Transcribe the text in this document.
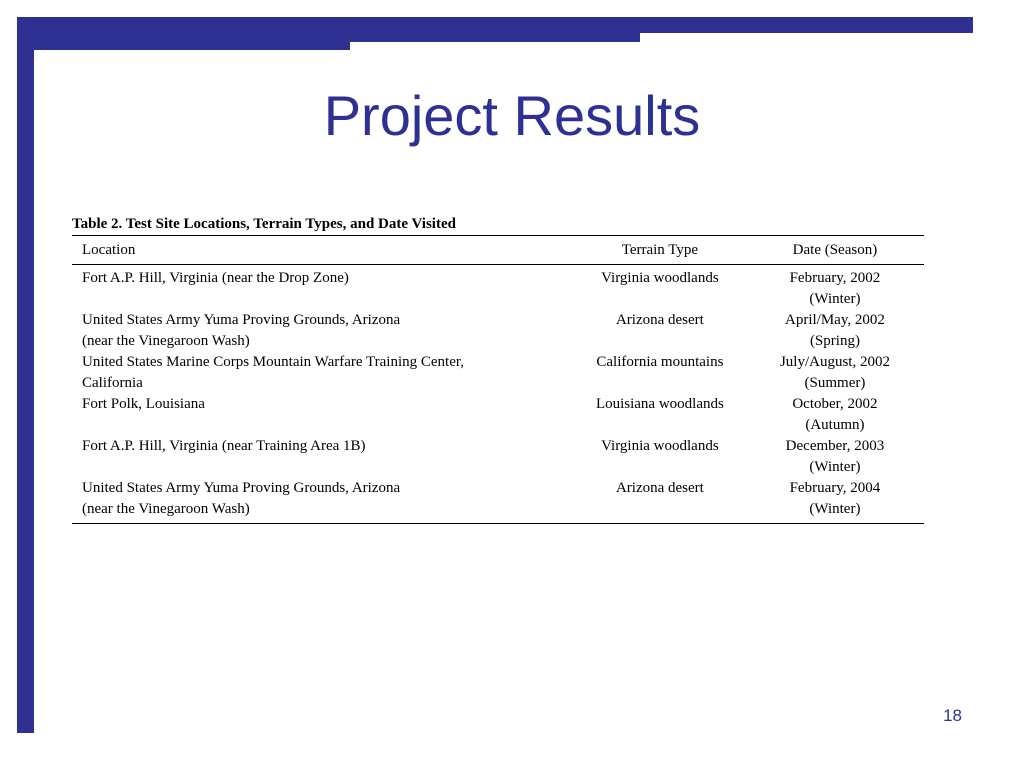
Project Results
Table 2. Test Site Locations, Terrain Types, and Date Visited
Location	Terrain Type	Date (Season)

Fort A.P. Hill, Virginia (near the Drop Zone)	Virginia woodlands	February, 2002
(Winter)

United States Army Yuma Proving Grounds, Arizona
(near the Vinegaroon Wash)	Arizona desert	April/May, 2002
(Spring)

United States Marine Corps Mountain Warfare Training Center,
California	California mountains	July/August, 2002
(Summer)

Fort Polk, Louisiana	Louisiana woodlands	October, 2002
(Autumn)

Fort A.P. Hill, Virginia (near Training Area 1B)	Virginia woodlands	December, 2003
(Winter)

United States Army Yuma Proving Grounds, Arizona
(near the Vinegaroon Wash)	Arizona desert	February, 2004
(Winter)
18
